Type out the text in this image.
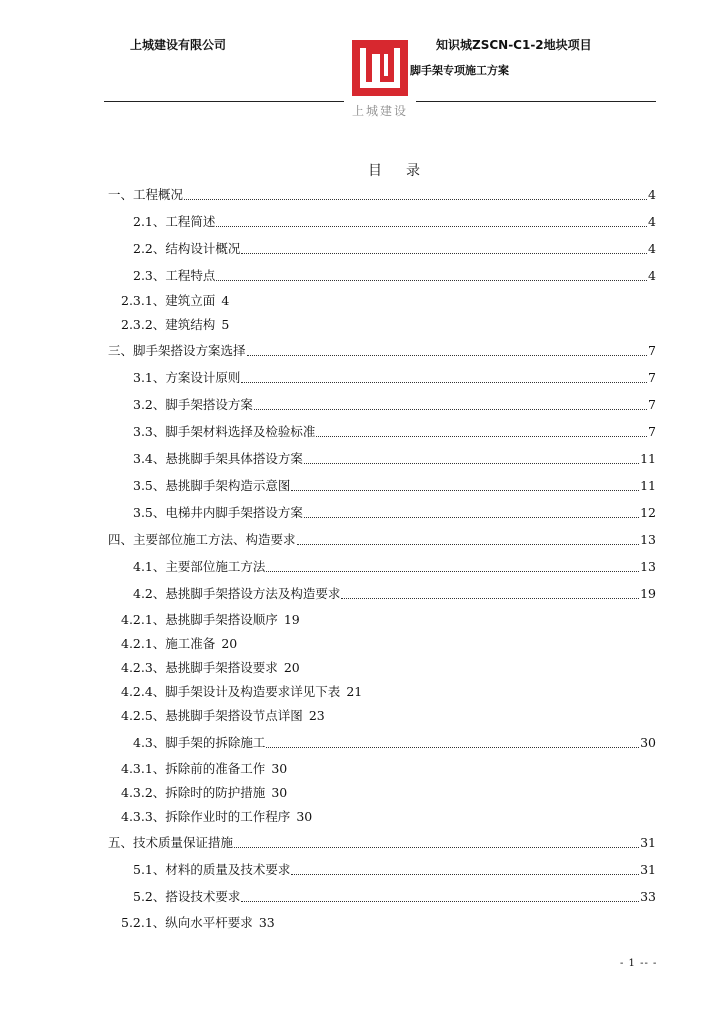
上城建设有限公司	知识城ZSCN-C1-2地块项目
脚手架专项施工方案
上城建设
目 录
一、工程概况	4
2.1、工程简述	4
2.2、结构设计概况	4
2.3、工程特点	4
2.3.1、建筑立面 4
2.3.2、建筑结构 5
三、脚手架搭设方案选择	7
3.1、方案设计原则	7
3.2、脚手架搭设方案	7
3.3、脚手架材料选择及检验标准	7
3.4、悬挑脚手架具体搭设方案	11
3.5、悬挑脚手架构造示意图	11
3.5、电梯井内脚手架搭设方案	12
四、主要部位施工方法、构造要求	13
4.1、主要部位施工方法	13
4.2、悬挑脚手架搭设方法及构造要求	19
4.2.1、悬挑脚手架搭设顺序 19
4.2.1、施工准备 20
4.2.3、悬挑脚手架搭设要求 20
4.2.4、脚手架设计及构造要求详见下表 21
4.2.5、悬挑脚手架搭设节点详图 23
4.3、脚手架的拆除施工	30
4.3.1、拆除前的准备工作 30
4.3.2、拆除时的防护措施 30
4.3.3、拆除作业时的工作程序 30
五、技术质量保证措施	31
5.1、材料的质量及技术要求	31
5.2、搭设技术要求	33
5.2.1、纵向水平杆要求 33
- 1 -- -
